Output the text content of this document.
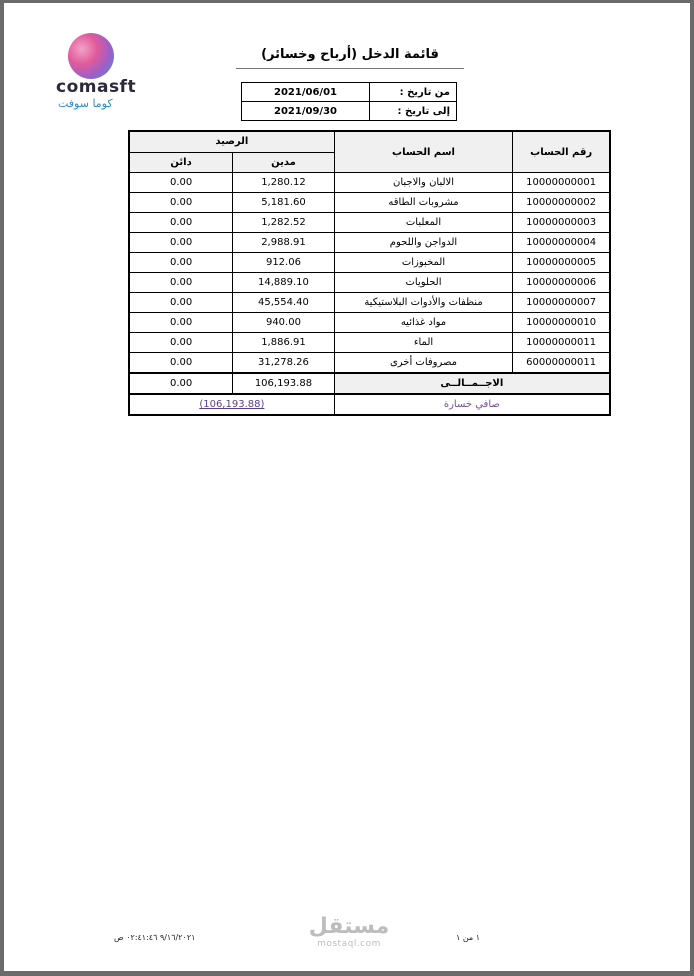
comasft
كوما سوفت
قائمة الدخل (أرباح وخسائر)
من تاريخ :	2021/06/01
إلى تاريخ :	2021/09/30
رقم الحساب	اسم الحساب	الرصيد	
		مدين	دائن
10000000001	الالبان والاجبان	1,280.12	0.00
10000000002	مشروبات الطاقه	5,181.60	0.00
10000000003	المعلبات	1,282.52	0.00
10000000004	الدواجن واللحوم	2,988.91	0.00
10000000005	المخبوزات	912.06	0.00
10000000006	الحلويات	14,889.10	0.00
10000000007	منظفات والأدوات البلاستيكية	45,554.40	0.00
10000000010	مواد غذائيه	940.00	0.00
10000000011	الماء	1,886.91	0.00
60000000011	مصروفات أخرى	31,278.26	0.00
الاجــمــالــى		106,193.88	0.00
صافي خسارة		(106,193.88)	
مستقل
mostaql.com
١ من ١
٩/١٦/٢٠٢١ ٠٢:٤١:٤٦ ص
